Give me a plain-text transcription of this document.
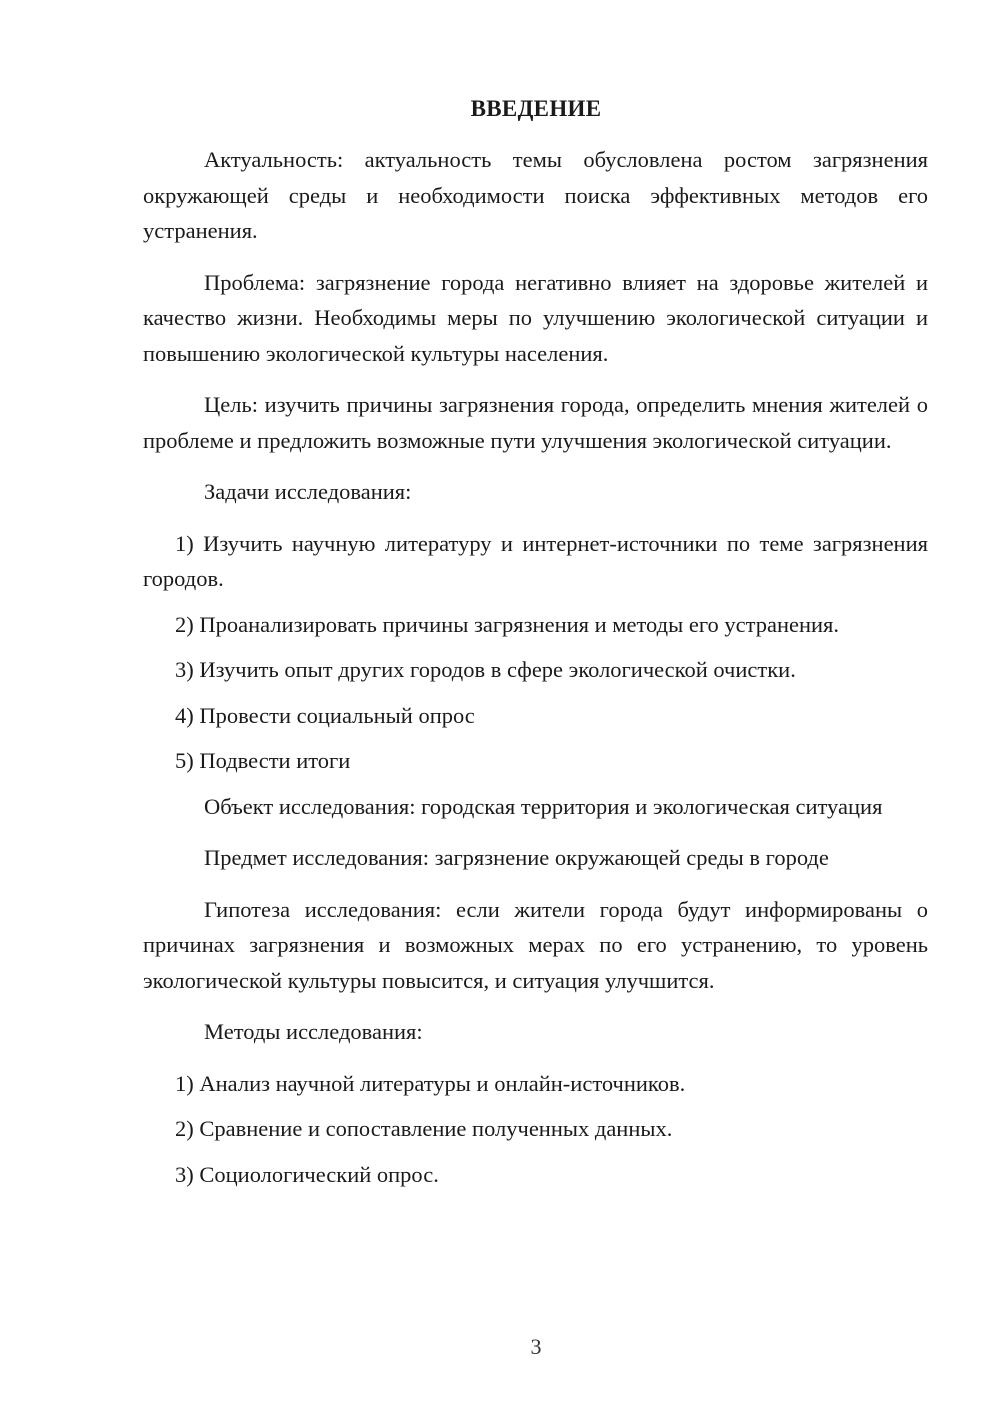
ВВЕДЕНИЕ

Актуальность: актуальность темы обусловлена ростом загрязнения окружающей среды и необходимости поиска эффективных методов его устранения.

Проблема: загрязнение города негативно влияет на здоровье жителей и качество жизни. Необходимы меры по улучшению экологической ситуации и повышению экологической культуры населения.

Цель: изучить причины загрязнения города, определить мнения жителей о проблеме и предложить возможные пути улучшения экологической ситуации.

Задачи исследования:

1) Изучить научную литературу и интернет-источники по теме загрязнения городов.

2) Проанализировать причины загрязнения и методы его устранения.

3) Изучить опыт других городов в сфере экологической очистки.

4) Провести социальный опрос

5) Подвести итоги

Объект исследования: городская территория и экологическая ситуация

Предмет исследования: загрязнение окружающей среды в городе

Гипотеза исследования: если жители города будут информированы о причинах загрязнения и возможных мерах по его устранению, то уровень экологической культуры повысится, и ситуация улучшится.

Методы исследования:

1) Анализ научной литературы и онлайн-источников.

2) Сравнение и сопоставление полученных данных.

3) Социологический опрос.

3
